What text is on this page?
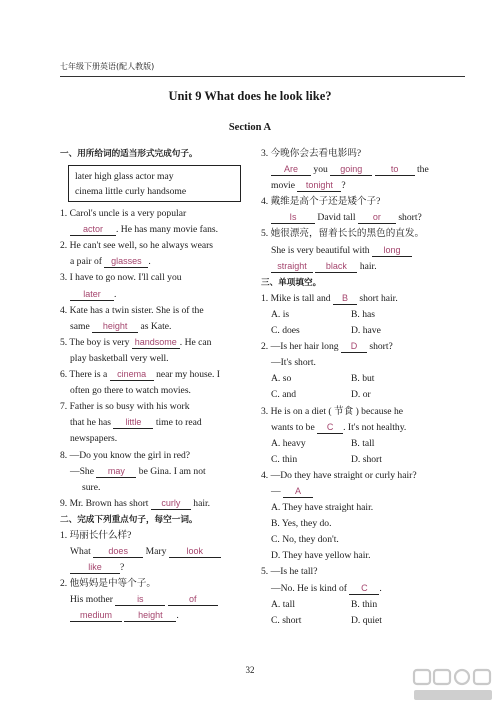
七年级下册英语(配人教版)
Unit 9 What does he look like?
Section A
一、用所给词的适当形式完成句子。
later high glass actor may
cinema little curly handsome
1. Carol's uncle is a very popular
actor . He has many movie fans.
2. He can't see well, so he always wears
a pair of glasses .
3. I have to go now. I'll call you
later .
4. Kate has a twin sister. She is of the
same height as Kate.
5. The boy is very handsome . He can
play basketball very well.
6. There is a cinema near my house. I
often go there to watch movies.
7. Father is so busy with his work
that he has little time to read
newspapers.
8. —Do you know the girl in red?
—She may be Gina. I am not
sure.
9. Mr. Brown has short curly hair.
二、完成下列重点句子，每空一词。
1. 玛丽长什么样?
What does Mary look
like ?
2. 他妈妈是中等个子。
His mother	is	of
medium	height .
3. 今晚你会去看电影吗?
Are you going	to the
movie tonight ?
4. 戴维是高个子还是矮个子?
Is David tall or short?
5. 她很漂亮，留着长长的黑色的直发。
She is very beautiful with long
straight black hair.
三、单项填空。
1. Mike is tall and B short hair.
A. is	B. has
C. does	D. have
2. —Is her hair long D short?
—It's short.
A. so	B. but
C. and	D. or
3. He is on a diet ( 节食 ) because he
wants to be C . It's not healthy.
A. heavy	B. tall
C. thin	D. short
4. —Do they have straight or curly hair?
— A
A. They have straight hair.
B. Yes, they do.
C. No, they don't.
D. They have yellow hair.
5. —Is he tall?
—No. He is kind of C .
A. tall	B. thin
C. short	D. quiet
32
